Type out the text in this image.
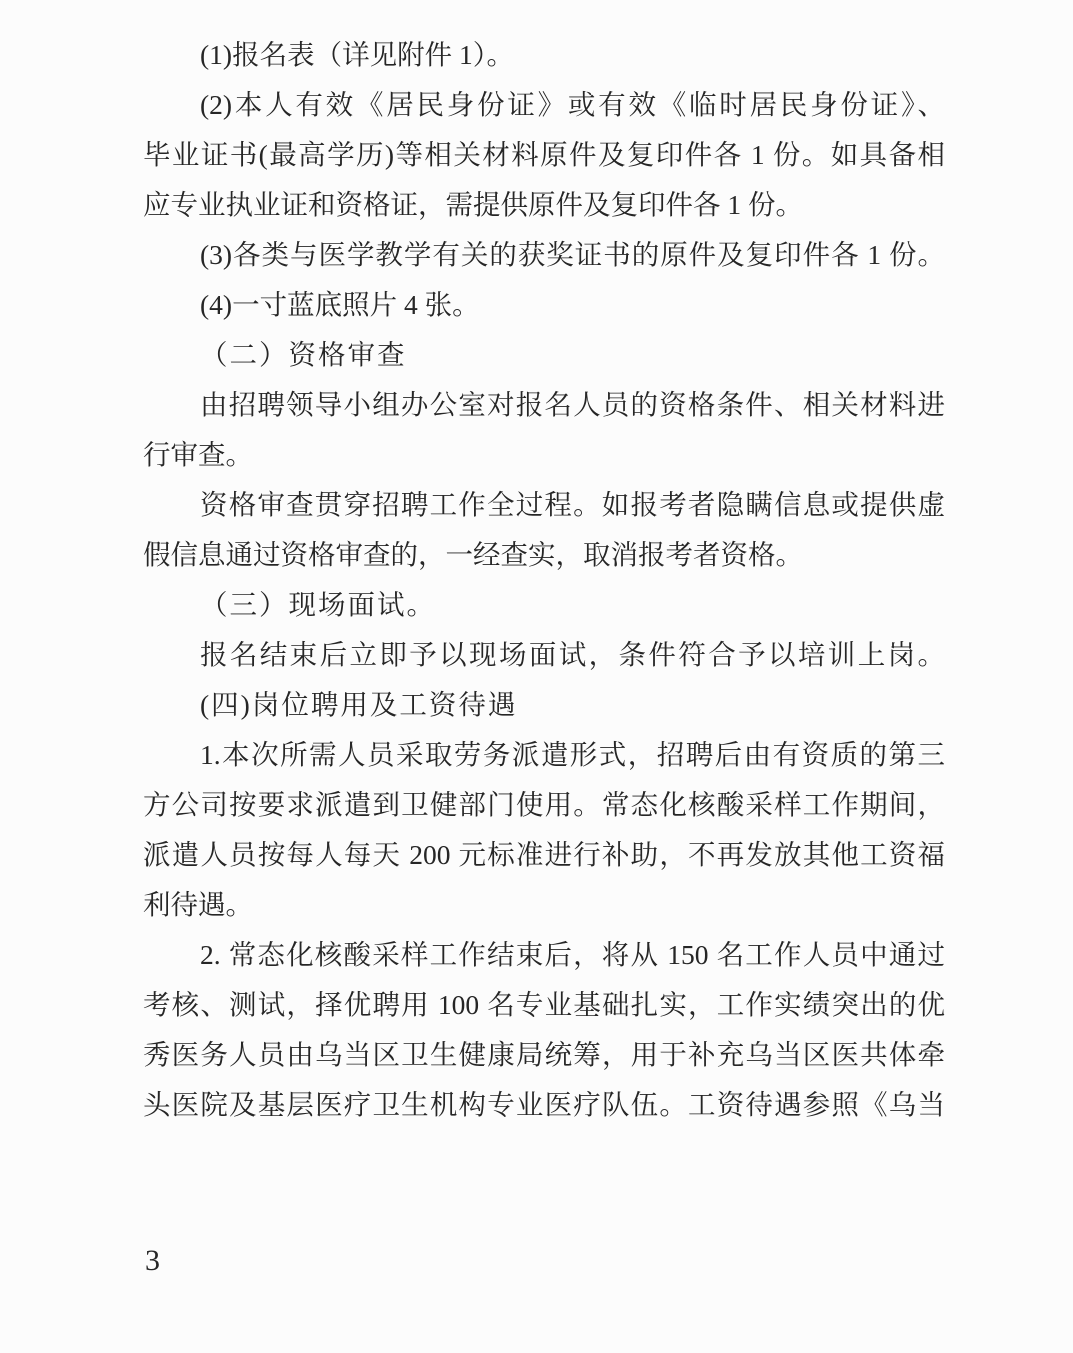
(1)报名表（详见附件 1）。
(2)本人有效《居民身份证》或有效《临时居民身份证》、
毕业证书(最高学历)等相关材料原件及复印件各 1 份。如具备相
应专业执业证和资格证，需提供原件及复印件各 1 份。
(3)各类与医学教学有关的获奖证书的原件及复印件各 1 份。
(4)一寸蓝底照片 4 张。
（二）资格审查
由招聘领导小组办公室对报名人员的资格条件、相关材料进
行审查。
资格审查贯穿招聘工作全过程。如报考者隐瞒信息或提供虚
假信息通过资格审查的，一经查实，取消报考者资格。
（三）现场面试。
报名结束后立即予以现场面试，条件符合予以培训上岗。
(四)岗位聘用及工资待遇
1.本次所需人员采取劳务派遣形式，招聘后由有资质的第三
方公司按要求派遣到卫健部门使用。常态化核酸采样工作期间，
派遣人员按每人每天 200 元标准进行补助，不再发放其他工资福
利待遇。
2. 常态化核酸采样工作结束后，将从 150 名工作人员中通过
考核、测试，择优聘用 100 名专业基础扎实，工作实绩突出的优
秀医务人员由乌当区卫生健康局统筹，用于补充乌当区医共体牵
头医院及基层医疗卫生机构专业医疗队伍。工资待遇参照《乌当
3
